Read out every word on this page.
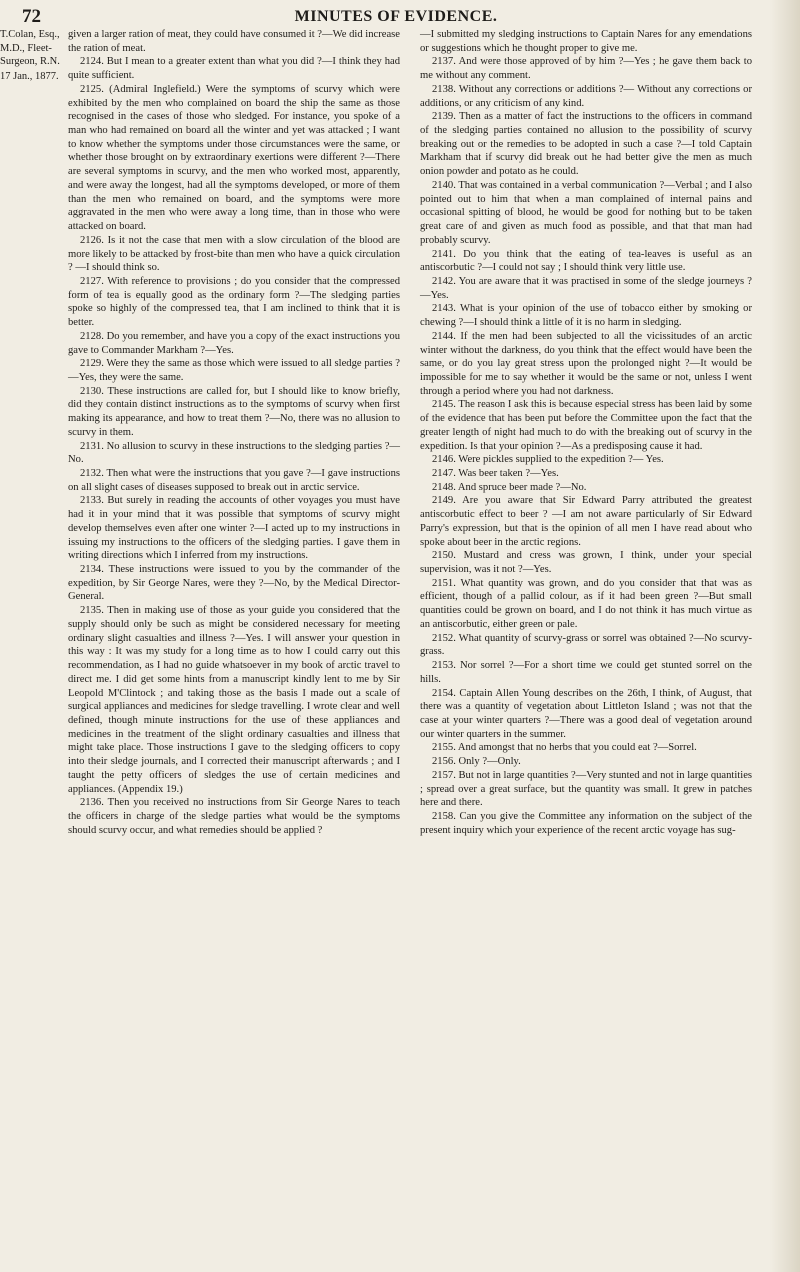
72	MINUTES OF EVIDENCE.
T.Colan, Esq., M.D., Fleet-Surgeon, R.N.
17 Jan., 1877.

given a larger ration of meat, they could have consumed it ?—We did increase the ration of meat.

2124. But I mean to a greater extent than what you did ?—I think they had quite sufficient.

2125. (Admiral Inglefield.) Were the symptoms of scurvy which were exhibited by the men who complained on board the ship the same as those recognised in the cases of those who sledged. For instance, you spoke of a man who had remained on board all the winter and yet was attacked ; I want to know whether the symptoms under those circumstances were the same, or whether those brought on by extraordinary exertions were different ?—There are several symptoms in scurvy, and the men who worked most, apparently, and were away the longest, had all the symptoms developed, or more of them than the men who remained on board, and the symptoms were more aggravated in the men who were away a long time, than in those who were attacked on board.

2126. Is it not the case that men with a slow circulation of the blood are more likely to be attacked by frost-bite than men who have a quick circulation ? —I should think so.

2127. With reference to provisions ; do you consider that the compressed form of tea is equally good as the ordinary form ?—The sledging parties spoke so highly of the compressed tea, that I am inclined to think that it is better.

2128. Do you remember, and have you a copy of the exact instructions you gave to Commander Markham ?—Yes.

2129. Were they the same as those which were issued to all sledge parties ?—Yes, they were the same.

2130. These instructions are called for, but I should like to know briefly, did they contain distinct instructions as to the symptoms of scurvy when first making its appearance, and how to treat them ?—No, there was no allusion to scurvy in them.

2131. No allusion to scurvy in these instructions to the sledging parties ?—No.

2132. Then what were the instructions that you gave ?—I gave instructions on all slight cases of diseases supposed to break out in arctic service.

2133. But surely in reading the accounts of other voyages you must have had it in your mind that it was possible that symptoms of scurvy might develop themselves even after one winter ?—I acted up to my instructions in issuing my instructions to the officers of the sledging parties. I gave them in writing directions which I inferred from my instructions.

2134. These instructions were issued to you by the commander of the expedition, by Sir George Nares, were they ?—No, by the Medical Director-General.

2135. Then in making use of those as your guide you considered that the supply should only be such as might be considered necessary for meeting ordinary slight casualties and illness ?—Yes. I will answer your question in this way : It was my study for a long time as to how I could carry out this recommendation, as I had no guide whatsoever in my book of arctic travel to direct me. I did get some hints from a manuscript kindly lent to me by Sir Leopold M'Clintock ; and taking those as the basis I made out a scale of surgical appliances and medicines for sledge travelling. I wrote clear and well defined, though minute instructions for the use of these appliances and medicines in the treatment of the slight ordinary casualties and illness that might take place. Those instructions I gave to the sledging officers to copy into their sledge journals, and I corrected their manuscript afterwards ; and I taught the petty officers of sledges the use of certain medicines and appliances. (Appendix 19.)

2136. Then you received no instructions from Sir George Nares to teach the officers in charge of the sledge parties what would be the symptoms should scurvy occur, and what remedies should be applied ?

—I submitted my sledging instructions to Captain Nares for any emendations or suggestions which he thought proper to give me.

2137. And were those approved of by him ?—Yes ; he gave them back to me without any comment.

2138. Without any corrections or additions ?— Without any corrections or additions, or any criticism of any kind.

2139. Then as a matter of fact the instructions to the officers in command of the sledging parties contained no allusion to the possibility of scurvy breaking out or the remedies to be adopted in such a case ?—I told Captain Markham that if scurvy did break out he had better give the men as much onion powder and potato as he could.

2140. That was contained in a verbal communication ?—Verbal ; and I also pointed out to him that when a man complained of internal pains and occasional spitting of blood, he would be good for nothing but to be taken great care of and given as much food as possible, and that that man had probably scurvy.

2141. Do you think that the eating of tea-leaves is useful as an antiscorbutic ?—I could not say ; I should think very little use.

2142. You are aware that it was practised in some of the sledge journeys ?—Yes.

2143. What is your opinion of the use of tobacco either by smoking or chewing ?—I should think a little of it is no harm in sledging.

2144. If the men had been subjected to all the vicissitudes of an arctic winter without the darkness, do you think that the effect would have been the same, or do you lay great stress upon the prolonged night ?—It would be impossible for me to say whether it would be the same or not, unless I went through a period where you had not darkness.

2145. The reason I ask this is because especial stress has been laid by some of the evidence that has been put before the Committee upon the fact that the greater length of night had much to do with the breaking out of scurvy in the expedition. Is that your opinion ?—As a predisposing cause it had.

2146. Were pickles supplied to the expedition ?— Yes.

2147. Was beer taken ?—Yes.

2148. And spruce beer made ?—No.

2149. Are you aware that Sir Edward Parry attributed the greatest antiscorbutic effect to beer ? —I am not aware particularly of Sir Edward Parry's expression, but that is the opinion of all men I have read about who spoke about beer in the arctic regions.

2150. Mustard and cress was grown, I think, under your special supervision, was it not ?—Yes.

2151. What quantity was grown, and do you consider that that was as efficient, though of a pallid colour, as if it had been green ?—But small quantities could be grown on board, and I do not think it has much virtue as an antiscorbutic, either green or pale.

2152. What quantity of scurvy-grass or sorrel was obtained ?—No scurvy-grass.

2153. Nor sorrel ?—For a short time we could get stunted sorrel on the hills.

2154. Captain Allen Young describes on the 26th, I think, of August, that there was a quantity of vegetation about Littleton Island ; was not that the case at your winter quarters ?—There was a good deal of vegetation around our winter quarters in the summer.

2155. And amongst that no herbs that you could eat ?—Sorrel.

2156. Only ?—Only.

2157. But not in large quantities ?—Very stunted and not in large quantities ; spread over a great surface, but the quantity was small. It grew in patches here and there.

2158. Can you give the Committee any information on the subject of the present inquiry which your experience of the recent arctic voyage has sug-
